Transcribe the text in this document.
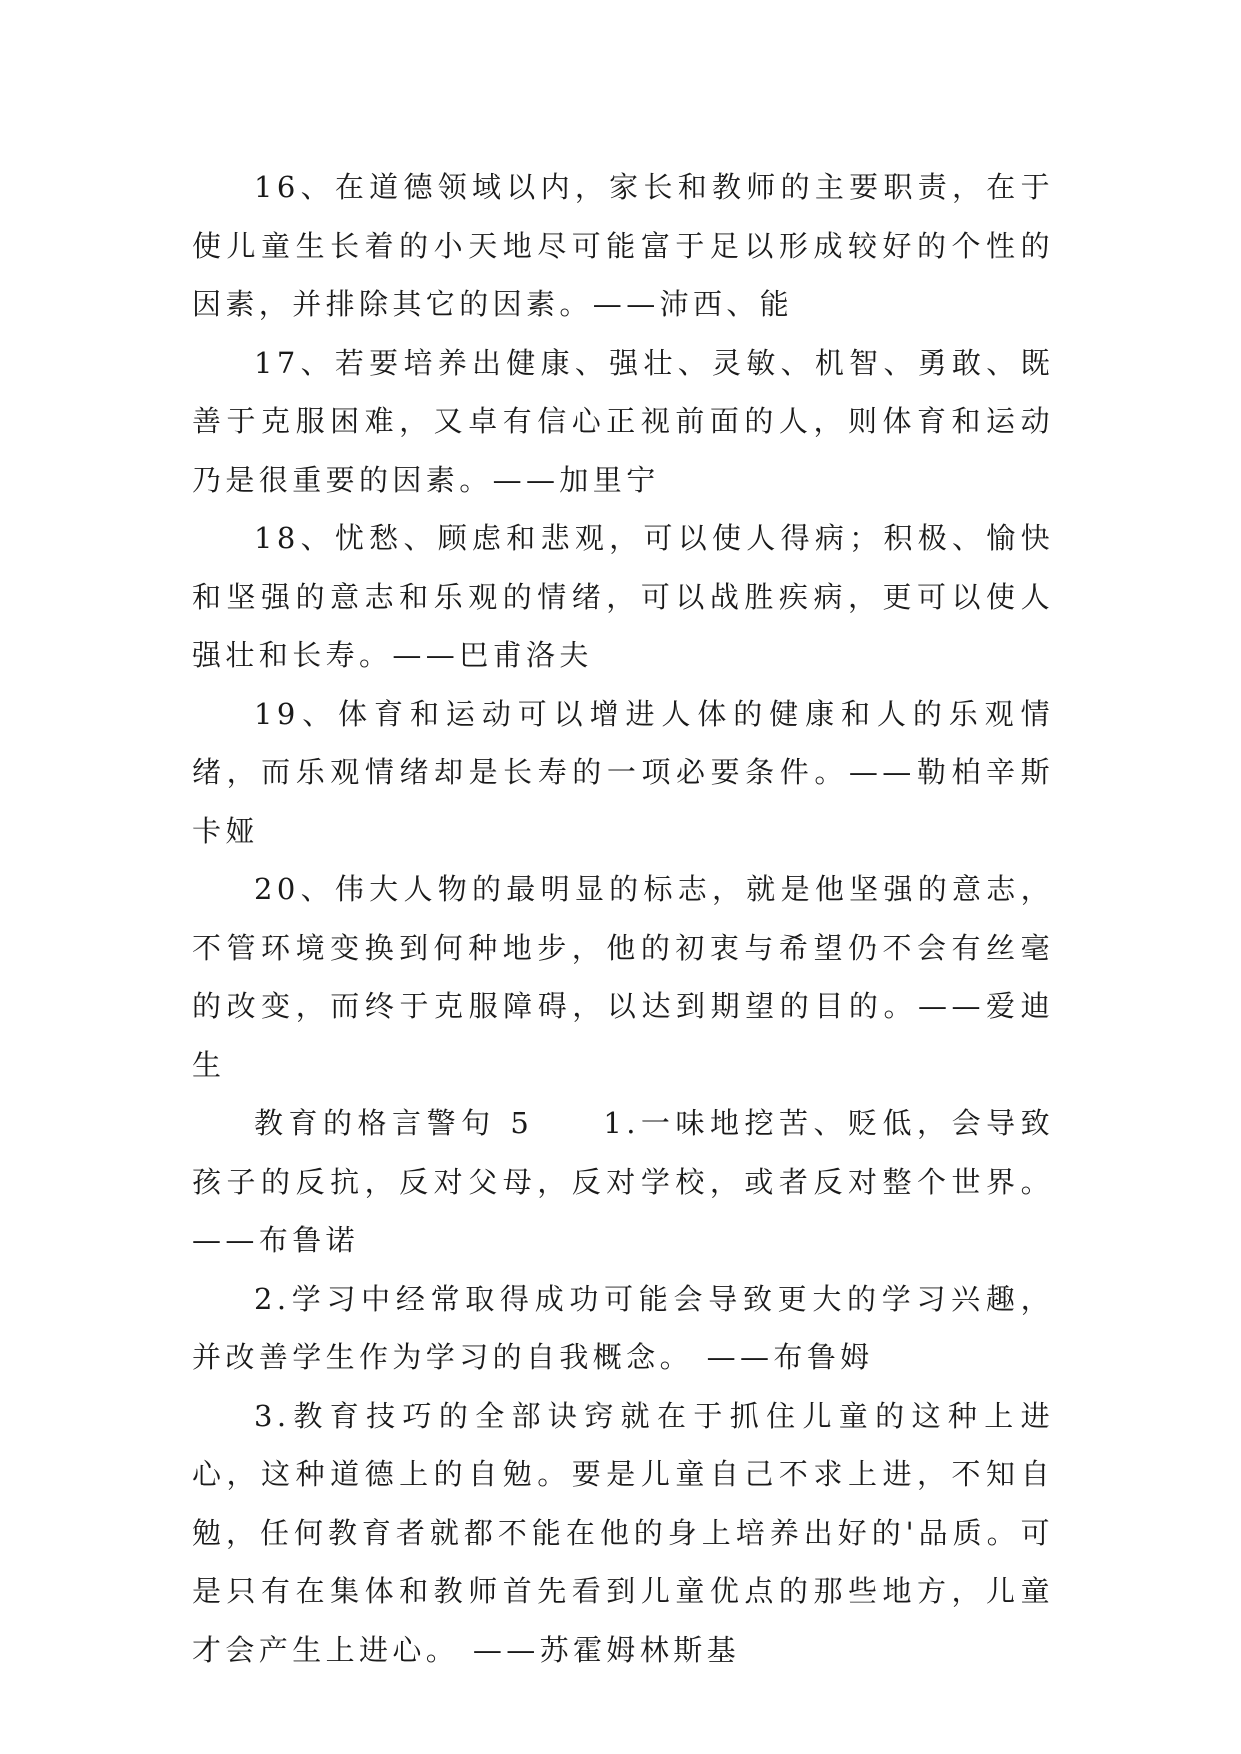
16、在道德领域以内，家长和教师的主要职责，在于使儿童生长着的小天地尽可能富于足以形成较好的个性的因素，并排除其它的因素。——沛西、能

17、若要培养出健康、强壮、灵敏、机智、勇敢、既善于克服困难，又卓有信心正视前面的人，则体育和运动乃是很重要的因素。——加里宁

18、忧愁、顾虑和悲观，可以使人得病；积极、愉快和坚强的意志和乐观的情绪，可以战胜疾病，更可以使人强壮和长寿。——巴甫洛夫

19、体育和运动可以增进人体的健康和人的乐观情绪，而乐观情绪却是长寿的一项必要条件。——勒柏辛斯卡娅

20、伟大人物的最明显的标志，就是他坚强的意志，不管环境变换到何种地步，他的初衷与希望仍不会有丝毫的改变，而终于克服障碍，以达到期望的目的。——爱迪生

教育的格言警句 5　　1.一味地挖苦、贬低，会导致孩子的反抗，反对父母，反对学校，或者反对整个世界。 ——布鲁诺

2.学习中经常取得成功可能会导致更大的学习兴趣，并改善学生作为学习的自我概念。 ——布鲁姆

3.教育技巧的全部诀窍就在于抓住儿童的这种上进心，这种道德上的自勉。要是儿童自己不求上进，不知自勉，任何教育者就都不能在他的身上培养出好的'品质。可是只有在集体和教师首先看到儿童优点的那些地方，儿童才会产生上进心。 ——苏霍姆林斯基
